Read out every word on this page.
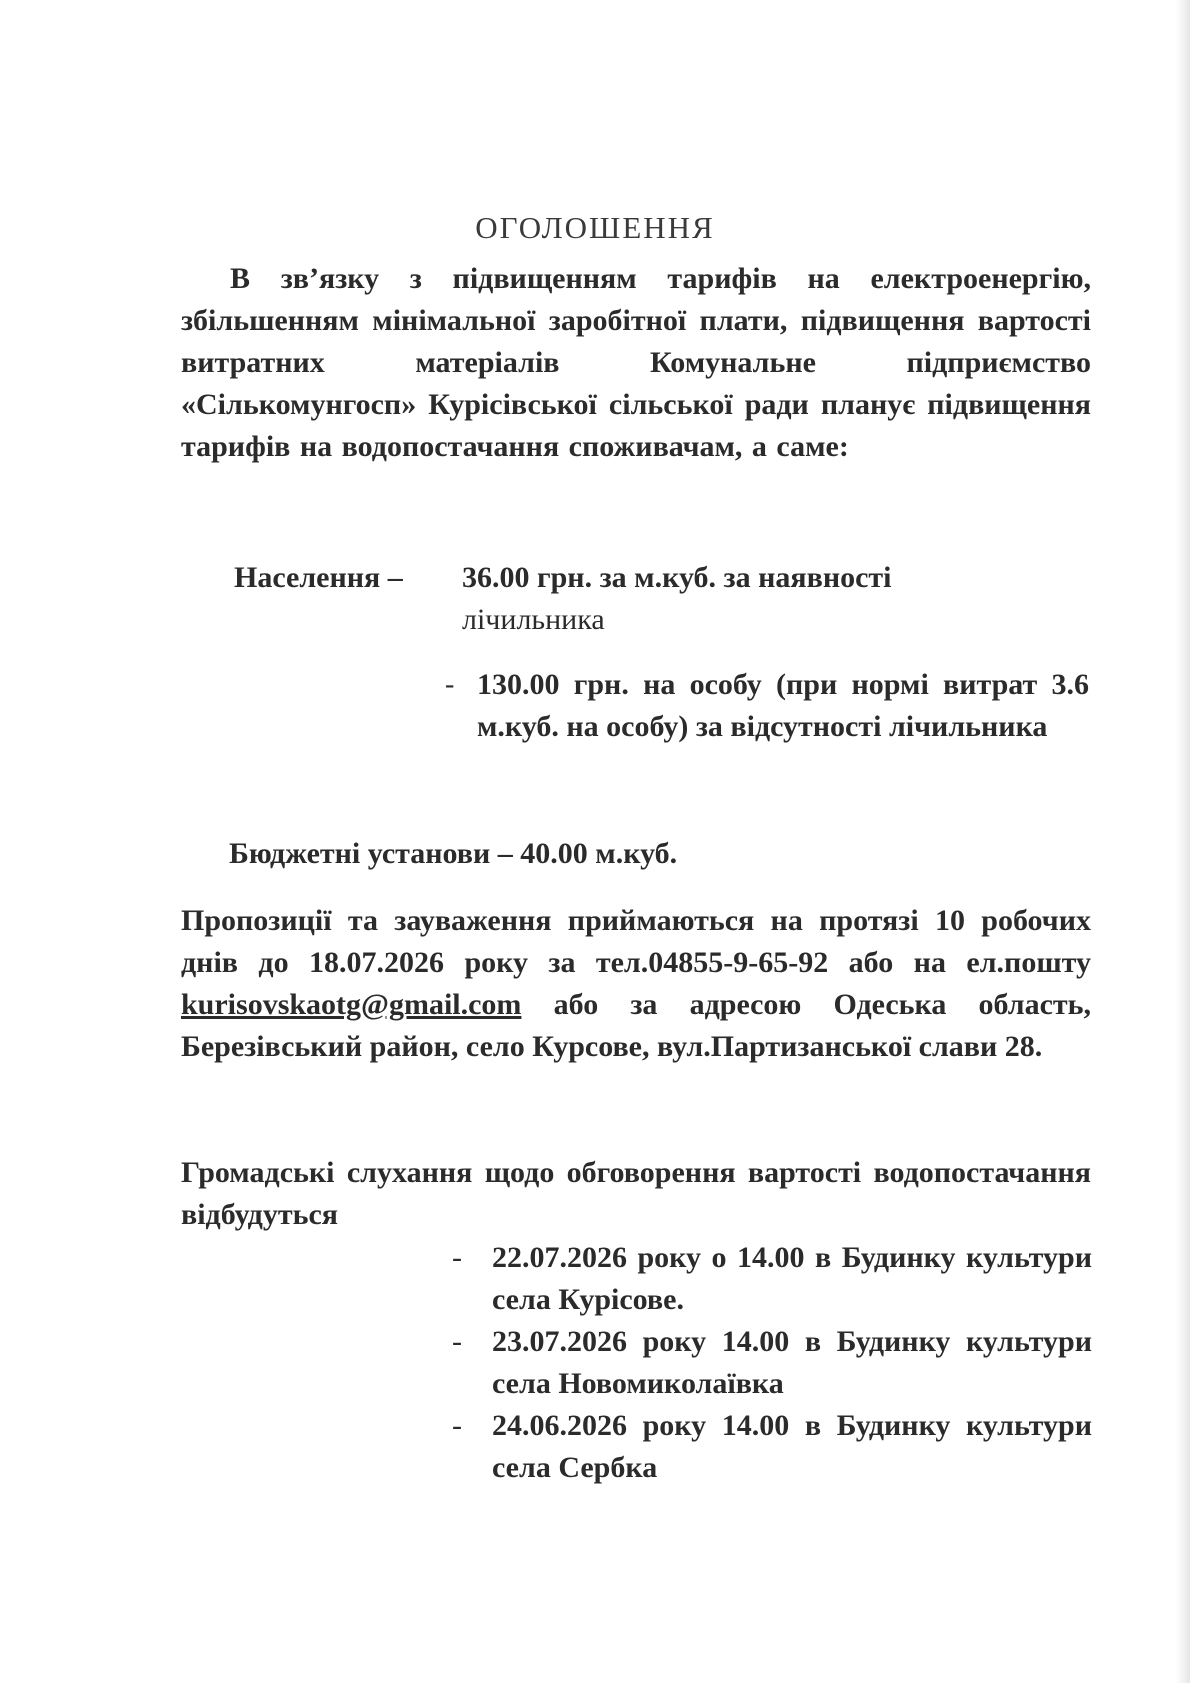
ОГОЛОШЕННЯ
В зв’язку з підвищенням тарифів на електроенергію, збільшенням мінімальної заробітної плати, підвищення вартості витратних матеріалів Комунальне підприємство «Сількомунгосп» Курісівської сільської ради планує підвищення тарифів на водопостачання споживачам, а саме:
Населення – 36.00 грн. за м.куб. за наявності
лічильника
- 130.00 грн. на особу (при нормі витрат 3.6 м.куб. на особу) за відсутності лічильника
Бюджетні установи – 40.00 м.куб.
Пропозиції та зауваження приймаються на протязі 10 робочих днів до 18.07.2026 року за тел.04855-9-65-92 або на ел.пошту kurisovskaotg@gmail.com або за адресою Одеська область, Березівський район, село Курсове, вул.Партизанської слави 28.
Громадські слухання щодо обговорення вартості водопостачання відбудуться
- 22.07.2026 року о 14.00 в Будинку культури села Курісове.
- 23.07.2026 року 14.00 в Будинку культури села Новомиколаївка
- 24.06.2026 року 14.00 в Будинку культури села Сербка
